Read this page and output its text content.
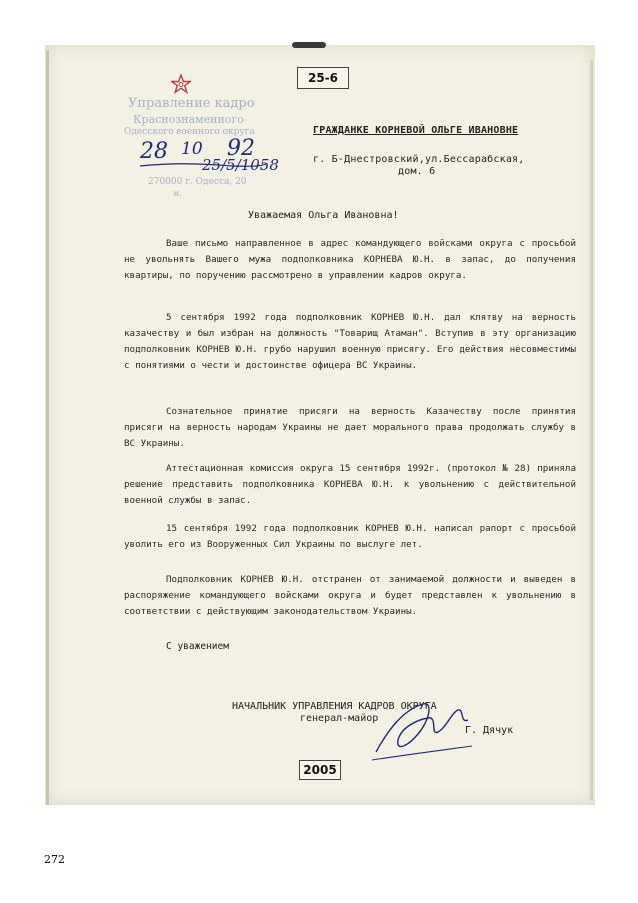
25-6
Управление кадро
Краснознаменного
Одесского военного округа
270000 г. Одесса, 20
м.
28 10 92
25/5/1058
ГРАЖДАНКЕ КОРНЕВОЙ ОЛЬГЕ ИВАНОВНЕ
г. Б-Днестровский,ул.Бессарабская,
дом. 6
Уважаемая Ольга Ивановна!

Ваше письмо направленное в адрес командующего войсками округа с просьбой не увольнять Вашего мужа подполковника КОРНЕВА Ю.Н. в запас, до получения квартиры, по поручению рассмотрено в управлении кадров округа.

5 сентября 1992 года подполковник КОРНЕВ Ю.Н. дал клятву на верность казачеству и был избран на должность "Товарищ Атаман". Вступив в эту организацию подполковник КОРНЕВ Ю.Н. грубо нарушил военную присягу. Его действия несовместимы с понятиями о чести и достоинстве офицера ВС Украины.

Сознательное принятие присяги на верность Казачеству после принятия присяги на верность народам Украины не дает морального права продолжать службу в ВС Украины.

Аттестационная комиссия округа 15 сентября 1992г. (протокол № 28) приняла решение представить подполковника КОРНЕВА Ю.Н. к увольнению с действительной военной службы в запас.

15 сентября 1992 года подполковник КОРНЕВ Ю.Н. написал рапорт с просьбой уволить его из Вооруженных Сил Украины по выслуге лет.

Подполковник КОРНЕВ Ю.Н. отстранен от занимаемой должности и выведен в распоряжение командующего войсками округа и будет представлен к увольнению в соответствии с действующим законодательством Украины.

С уважением
НАЧАЛЬНИК УПРАВЛЕНИЯ КАДРОВ ОКРУГА
генерал-майор
Г. Дячук
2005
272
